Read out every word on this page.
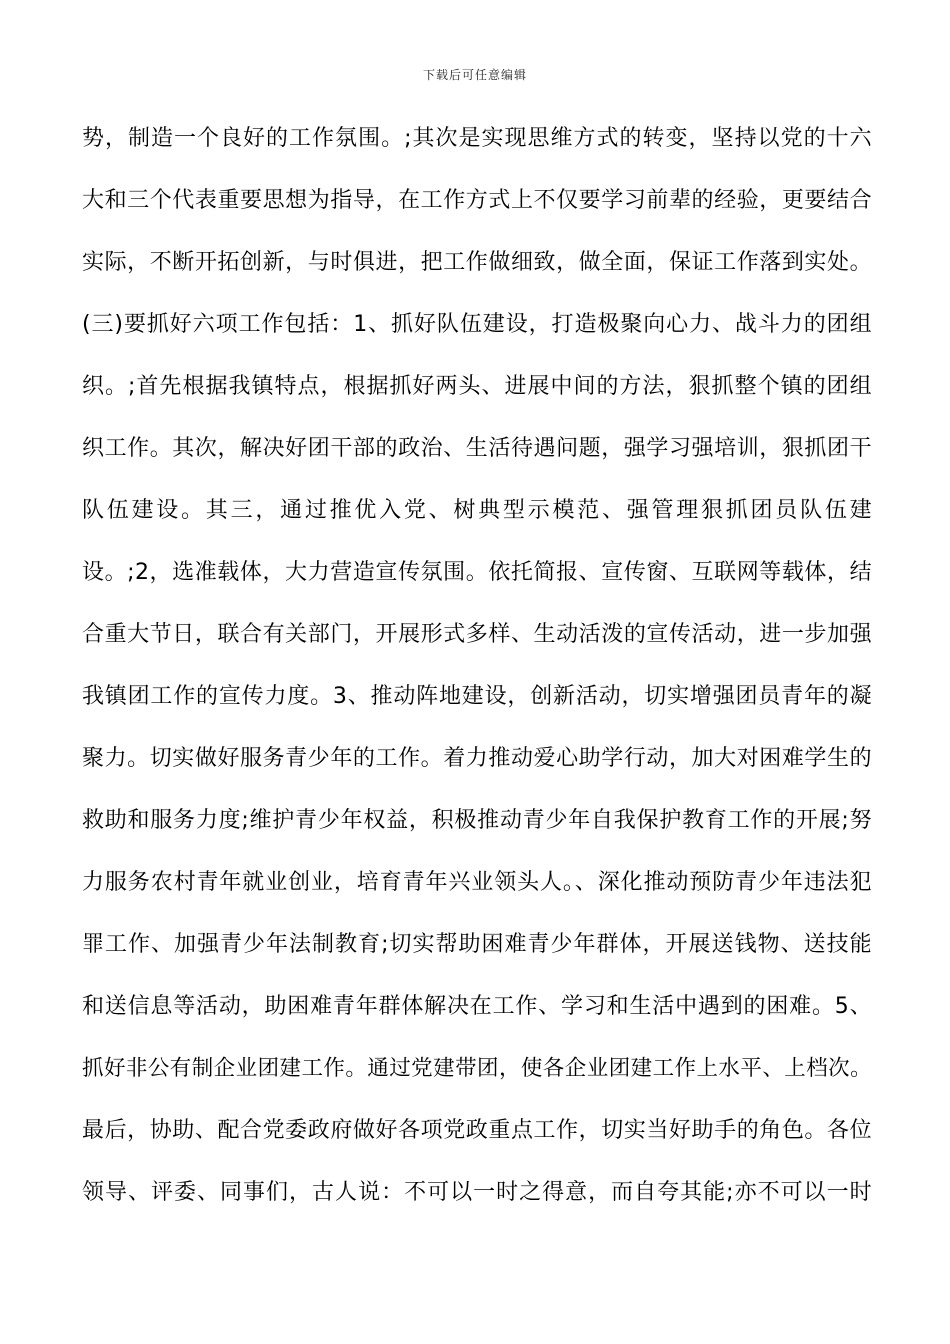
下载后可任意编辑
势，制造一个良好的工作氛围。;其次是实现思维方式的转变，坚持以党的十六
大和三个代表重要思想为指导，在工作方式上不仅要学习前辈的经验，更要结合
实际，不断开拓创新，与时俱进，把工作做细致，做全面，保证工作落到实处。
(三)要抓好六项工作包括：1、抓好队伍建设，打造极聚向心力、战斗力的团组
织。;首先根据我镇特点，根据抓好两头、进展中间的方法，狠抓整个镇的团组
织工作。其次，解决好团干部的政治、生活待遇问题，强学习强培训，狠抓团干
队伍建设。其三，通过推优入党、树典型示模范、强管理狠抓团员队伍建
设。;2，选准载体，大力营造宣传氛围。依托简报、宣传窗、互联网等载体，结
合重大节日，联合有关部门，开展形式多样、生动活泼的宣传活动，进一步加强
我镇团工作的宣传力度。3、推动阵地建设，创新活动，切实增强团员青年的凝
聚力。切实做好服务青少年的工作。着力推动爱心助学行动，加大对困难学生的
救助和服务力度;维护青少年权益，积极推动青少年自我保护教育工作的开展;努
力服务农村青年就业创业，培育青年兴业领头人。、深化推动预防青少年违法犯
罪工作、加强青少年法制教育;切实帮助困难青少年群体，开展送钱物、送技能
和送信息等活动，助困难青年群体解决在工作、学习和生活中遇到的困难。5、
抓好非公有制企业团建工作。通过党建带团，使各企业团建工作上水平、上档次。
最后，协助、配合党委政府做好各项党政重点工作，切实当好助手的角色。各位
领导、评委、同事们，古人说：不可以一时之得意，而自夸其能;亦不可以一时
